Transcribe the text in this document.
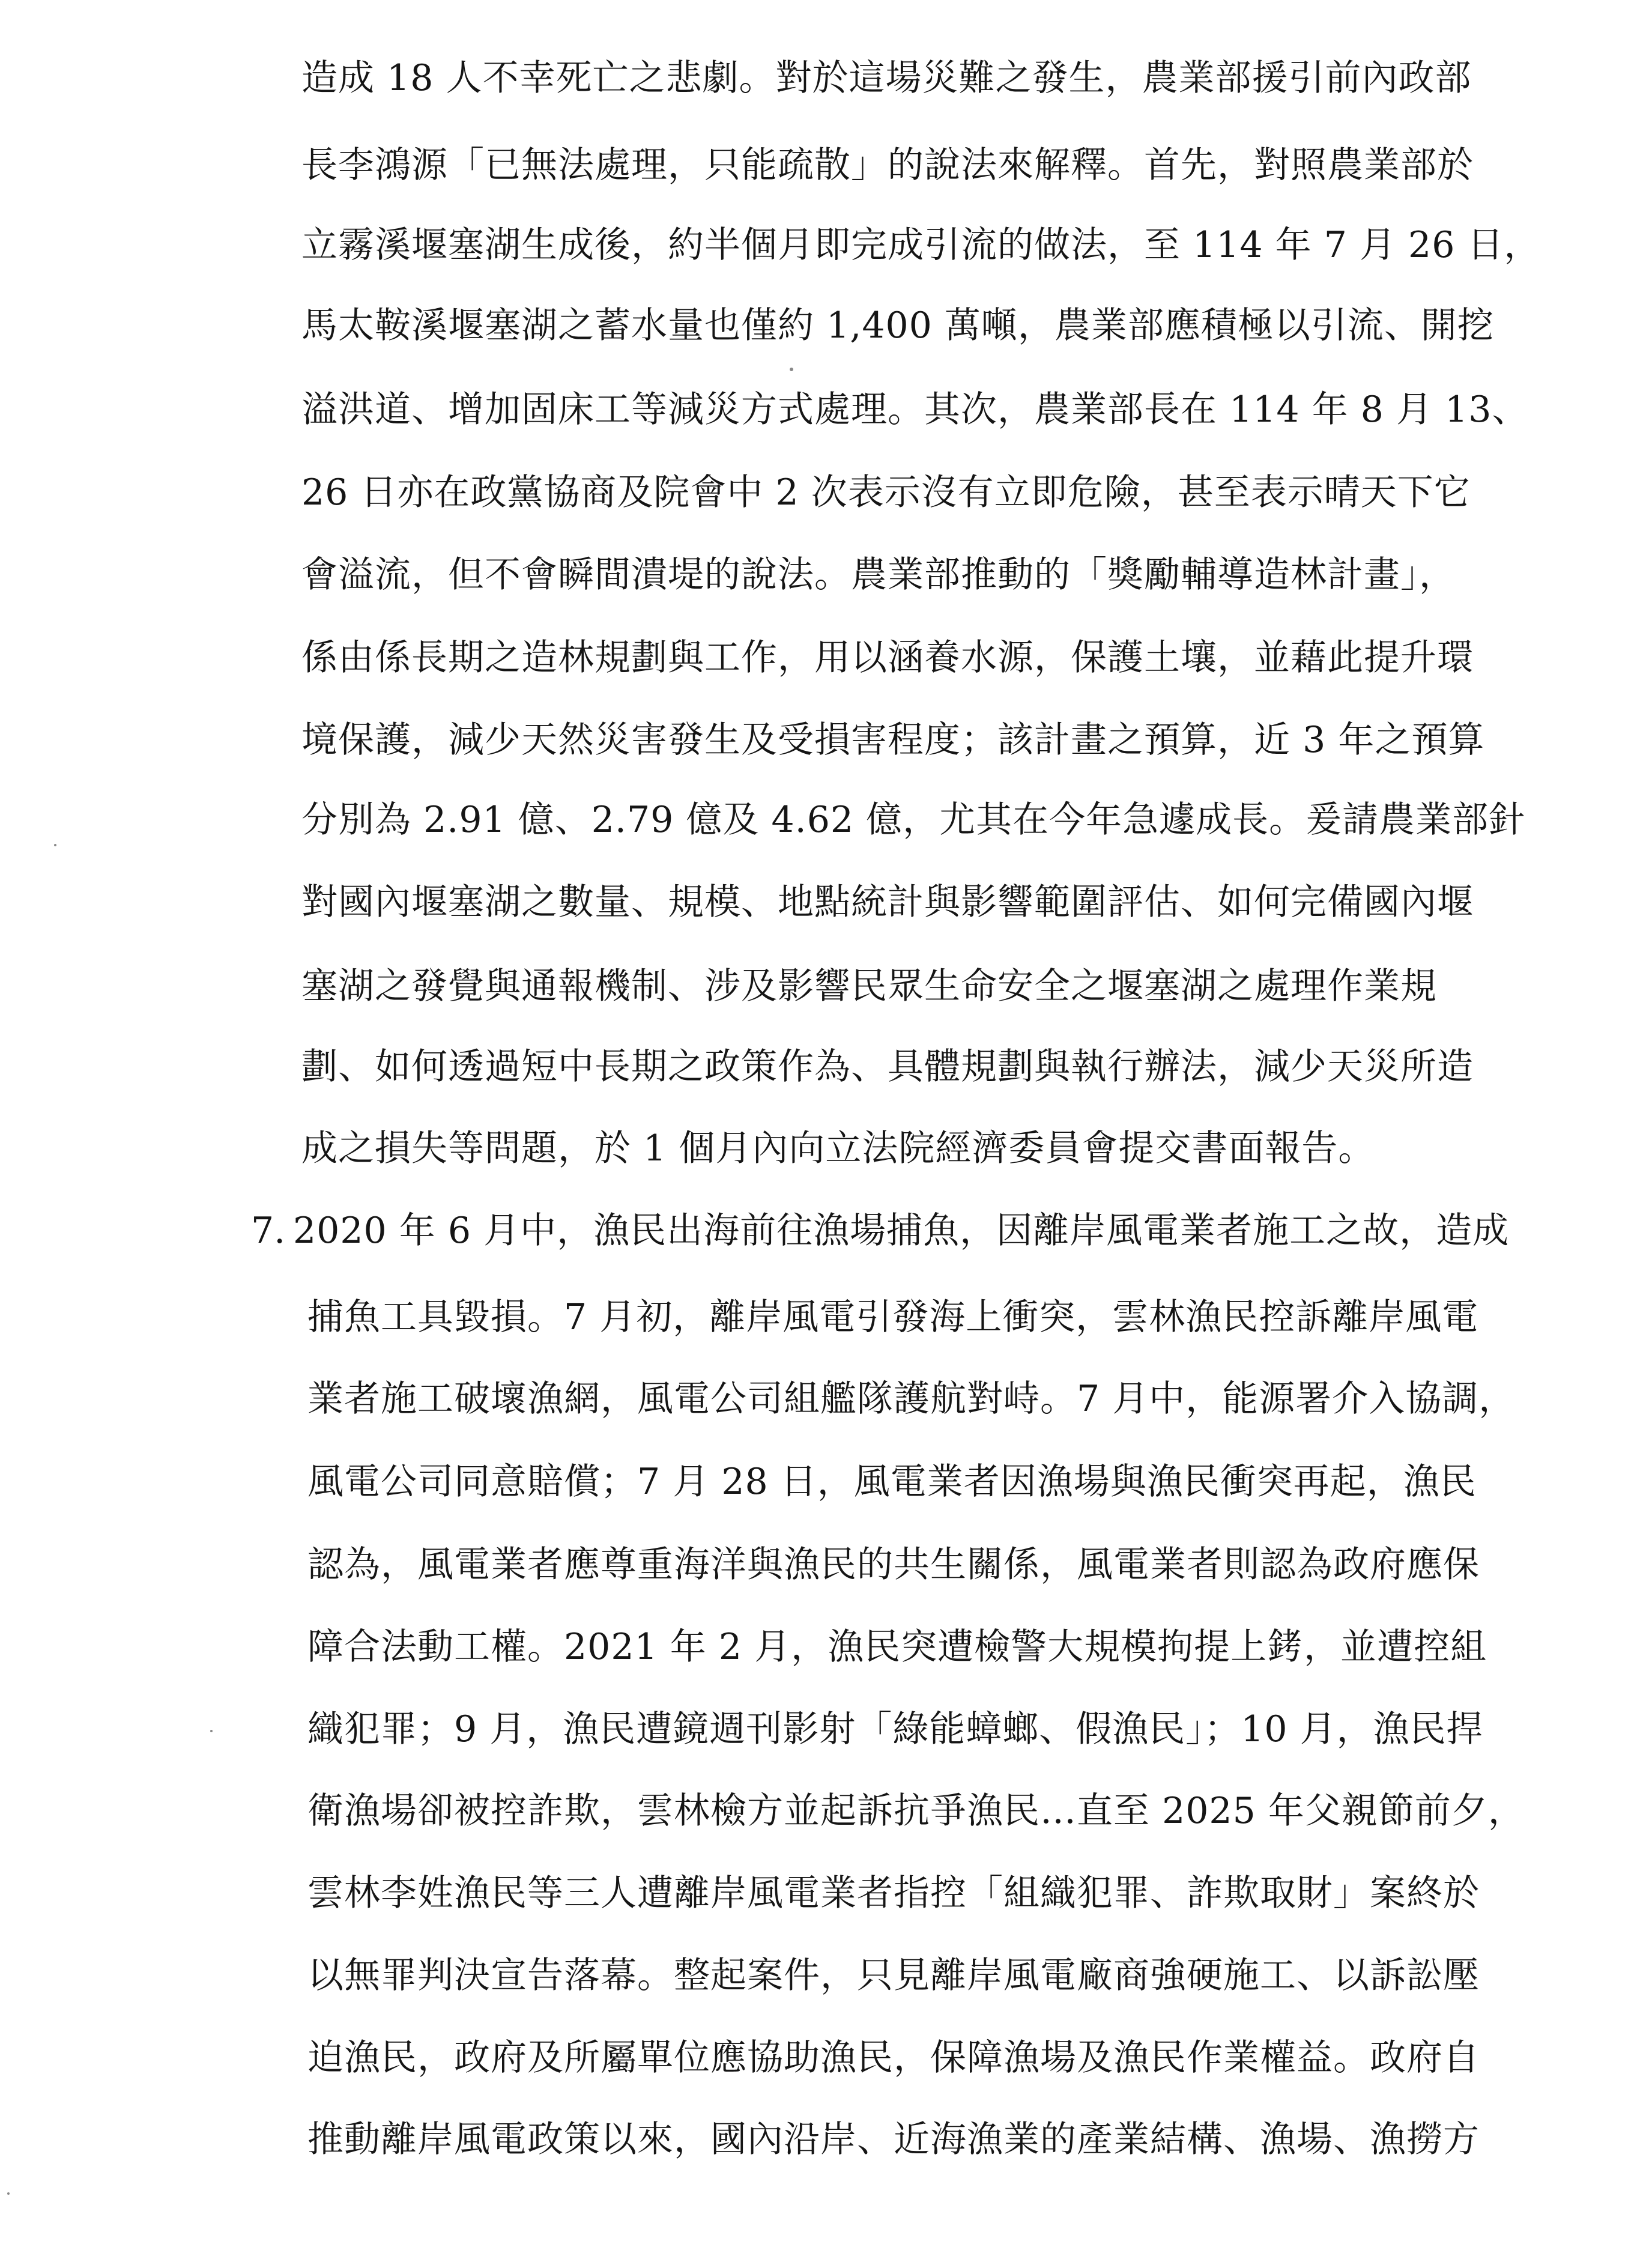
造成 18 人不幸死亡之悲劇。對於這場災難之發生，農業部援引前內政部
長李鴻源「已無法處理，只能疏散」的說法來解釋。首先，對照農業部於
立霧溪堰塞湖生成後，約半個月即完成引流的做法，至 114 年 7 月 26 日，
馬太鞍溪堰塞湖之蓄水量也僅約 1,400 萬噸，農業部應積極以引流、開挖
溢洪道、增加固床工等減災方式處理。其次，農業部長在 114 年 8 月 13、
26 日亦在政黨協商及院會中 2 次表示沒有立即危險，甚至表示晴天下它
會溢流，但不會瞬間潰堤的說法。農業部推動的「獎勵輔導造林計畫」，
係由係長期之造林規劃與工作，用以涵養水源，保護土壤，並藉此提升環
境保護，減少天然災害發生及受損害程度；該計畫之預算，近 3 年之預算
分別為 2.91 億、2.79 億及 4.62 億，尤其在今年急遽成長。爰請農業部針
對國內堰塞湖之數量、規模、地點統計與影響範圍評估、如何完備國內堰
塞湖之發覺與通報機制、涉及影響民眾生命安全之堰塞湖之處理作業規
劃、如何透過短中長期之政策作為、具體規劃與執行辦法，減少天災所造
成之損失等問題，於 1 個月內向立法院經濟委員會提交書面報告。
7. 2020 年 6 月中，漁民出海前往漁場捕魚，因離岸風電業者施工之故，造成
捕魚工具毀損。7 月初，離岸風電引發海上衝突，雲林漁民控訴離岸風電
業者施工破壞漁網，風電公司組艦隊護航對峙。7 月中，能源署介入協調，
風電公司同意賠償；7 月 28 日，風電業者因漁場與漁民衝突再起，漁民
認為，風電業者應尊重海洋與漁民的共生關係，風電業者則認為政府應保
障合法動工權。2021 年 2 月，漁民突遭檢警大規模拘提上銬，並遭控組
織犯罪；9 月，漁民遭鏡週刊影射「綠能蟑螂、假漁民」；10 月，漁民捍
衛漁場卻被控詐欺，雲林檢方並起訴抗爭漁民…直至 2025 年父親節前夕，
雲林李姓漁民等三人遭離岸風電業者指控「組織犯罪、詐欺取財」案終於
以無罪判決宣告落幕。整起案件，只見離岸風電廠商強硬施工、以訴訟壓
迫漁民，政府及所屬單位應協助漁民，保障漁場及漁民作業權益。政府自
推動離岸風電政策以來，國內沿岸、近海漁業的產業結構、漁場、漁撈方
